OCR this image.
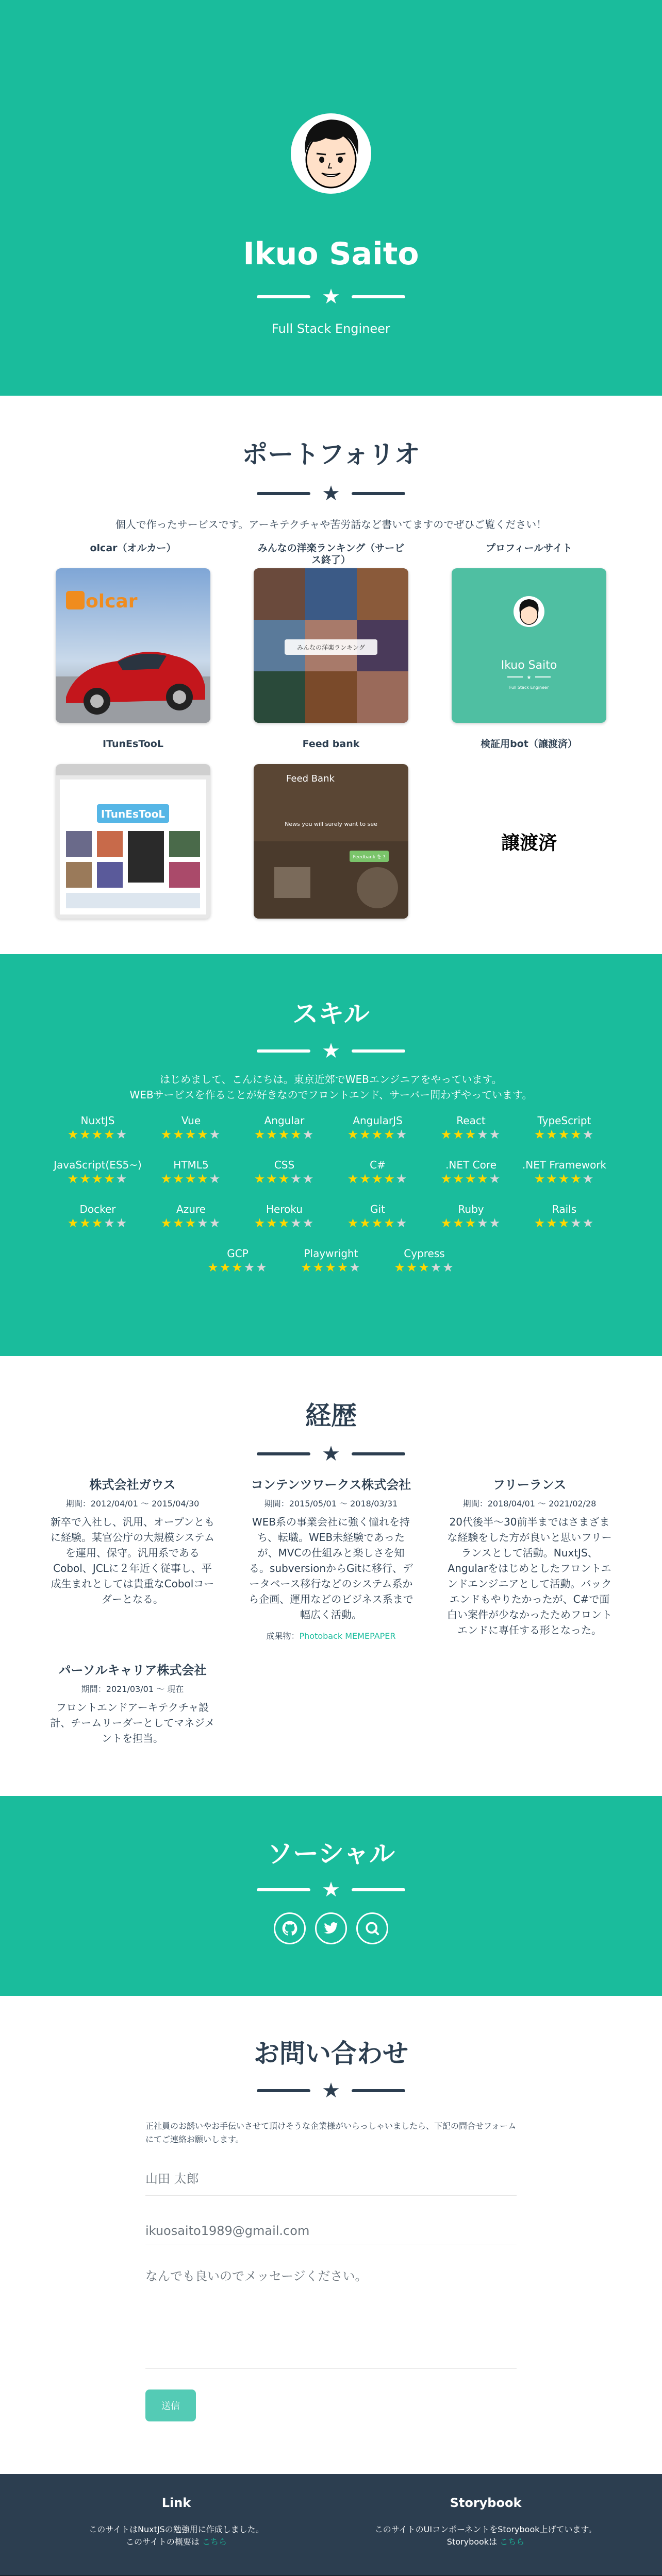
Ikuo Saito
★

Full Stack Engineer

ポートフォリオ
★

個人で作ったサービスです。アーキテクチャや苦労話など書いてますのでぜひご覧ください！

olcar（オルカー）
olcar
みんなの洋楽ランキング（サービス終了）
みんなの洋楽ランキング
プロフィールサイト
Ikuo Saito
★
Full Stack Engineer
ITunEsTooL
ITunEsTooL
Feed bank
Feed Bank
News you will surely want to see
Feedbank を ?
検証用bot（譲渡済）
譲渡済
スキル
★

はじめまして、こんにちは。東京近郊でWEBエンジニアをやっています。

WEBサービスを作ることが好きなのでフロントエンド、サーバー問わずやっています。

NuxtJS
★★★★★
Vue
★★★★★
Angular
★★★★★
AngularJS
★★★★★
React
★★★★★
TypeScript
★★★★★
JavaScript(ES5~)
★★★★★
HTML5
★★★★★
CSS
★★★★★
C#
★★★★★
.NET Core
★★★★★
.NET Framework
★★★★★
Docker
★★★★★
Azure
★★★★★
Heroku
★★★★★
Git
★★★★★
Ruby
★★★★★
Rails
★★★★★
GCP
★★★★★
Playwright
★★★★★
Cypress
★★★★★
経歴
★
株式会社ガウス

期間：2012/04/01 ～ 2015/04/30

新卒で入社し、汎用、オープンともに経験。某官公庁の大規模システムを運用、保守。汎用系であるCobol、JCLに２年近く従事し、平成生まれとしては貴重なCobolコーダーとなる。

コンテンツワークス株式会社

期間：2015/05/01 ～ 2018/03/31

WEB系の事業会社に強く憧れを持ち、転職。WEB未経験であったが、MVCの仕組みと楽しさを知る。subversionからGitに移行、データベース移行などのシステム系から企画、運用などのビジネス系まで幅広く活動。

成果物：Photoback MEMEPAPER

フリーランス

期間：2018/04/01 ～ 2021/02/28

20代後半〜30前半まではさまざまな経験をした方が良いと思いフリーランスとして活動。NuxtJS、Angularをはじめとしたフロントエンドエンジニアとして活動。バックエンドもやりたかったが、C#で面白い案件が少なかったためフロントエンドに専任する形となった。

パーソルキャリア株式会社

期間：2021/03/01 ～ 現在

フロントエンドアーキテクチャ設計、チームリーダーとしてマネジメントを担当。

ソーシャル
★
お問い合わせ
★

正社員のお誘いやお手伝いさせて頂けそうな企業様がいらっしゃいましたら、下記の問合せフォームにてご連絡お願いします。

山田 太郎
ikuosaito1989@gmail.com
なんでも良いのでメッセージください。
送信
Link

このサイトはNuxtJSの勉強用に作成しました。
このサイトの概要は こちら

Storybook

このサイトのUIコンポーネントをStorybook上げています。
Storybookは こちら
